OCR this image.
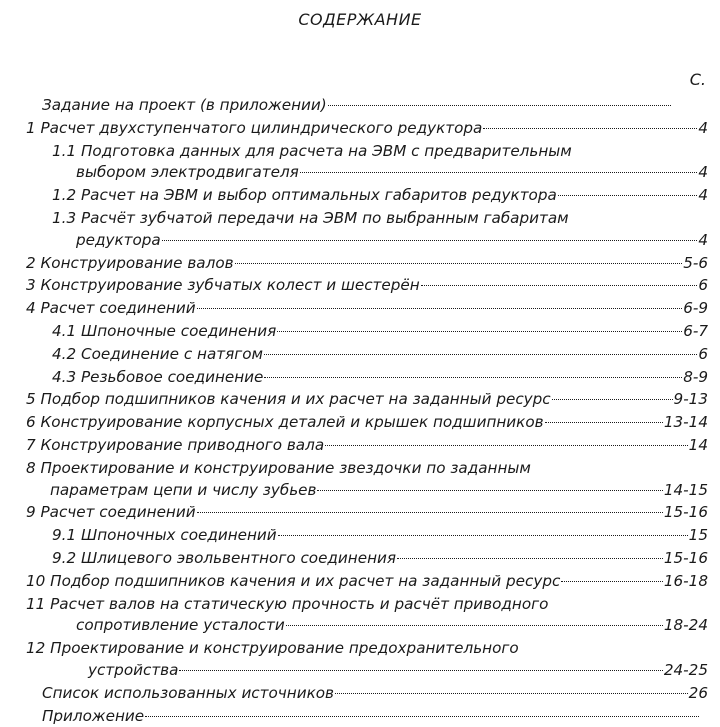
СОДЕРЖАНИЕ
С.
Задание на проект (в приложении)
1 Расчет двухступенчатого цилиндрического редуктора	4
1.1 Подготовка данных для расчета на ЭВМ с предварительным
выбором электродвигателя	4
1.2 Расчет на ЭВМ и выбор оптимальных габаритов редуктора	4
1.3 Расчёт зубчатой передачи на ЭВМ по выбранным габаритам
редуктора	4
2 Конструирование валов	5-6
3 Конструирование зубчатых колест и шестерён	6
4 Расчет соединений	6-9
4.1 Шпоночные соединения	6-7
4.2 Соединение с натягом	6
4.3 Резьбовое соединение	8-9
5 Подбор подшипников качения и их расчет на заданный ресурс	9-13
6 Конструирование корпусных деталей и крышек подшипников	13-14
7 Конструирование приводного вала	14
8 Проектирование и конструирование звездочки по заданным
параметрам цепи и числу зубьев	14-15
9 Расчет соединений	15-16
9.1 Шпоночных соединений	15
9.2 Шлицевого эвольвентного соединения	15-16
10 Подбор подшипников качения и их расчет на заданный ресурс	16-18
11 Расчет валов на статическую прочность и расчёт приводного
сопротивление усталости	18-24
12 Проектирование и конструирование предохранительного
устройства	24-25
Список использованных источников	26
Приложение
